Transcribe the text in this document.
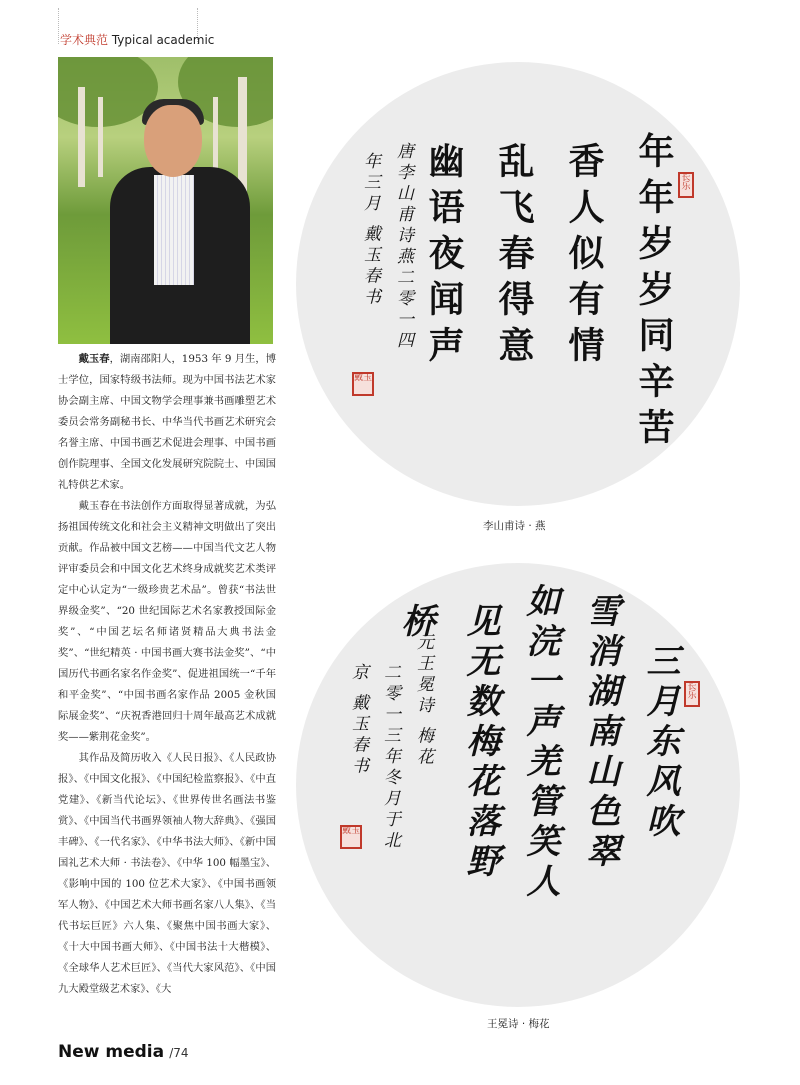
学术典范 Typical academic

戴玉春，湖南邵阳人，1953 年 9 月生，博士学位，国家特级书法师。现为中国书法艺术家协会副主席、中国文物学会理事兼书画雕塑艺术委员会常务副秘书长、中华当代书画艺术研究会名誉主席、中国书画艺术促进会理事、中国书画创作院理事、全国文化发展研究院院士、中国国礼特供艺术家。

戴玉春在书法创作方面取得显著成就，为弘扬祖国传统文化和社会主义精神文明做出了突出贡献。作品被中国文艺榜——中国当代文艺人物评审委员会和中国文化艺术终身成就奖艺术类评定中心认定为“一级珍贵艺术品”。曾获“书法世界级金奖”、“20 世纪国际艺术名家教授国际金奖”、“中国艺坛名师诸贤精品大典书法金奖”、“世纪精英 · 中国书画大赛书法金奖”、“中国历代书画名家名作金奖”、促进祖国统一“千年和平金奖”、“中国书画名家作品 2005 金秋国际展金奖”、“庆祝香港回归十周年最高艺术成就奖——紫荆花金奖”。

其作品及简历收入《人民日报》、《人民政协报》、《中国文化报》、《中国纪检监察报》、《中直党建》、《新当代论坛》、《世界传世名画法书鉴赏》、《中国当代书画界领袖人物大辞典》、《强国丰碑》、《一代名家》、《中华书法大师》、《新中国国礼艺术大师 · 书法卷》、《中华 100 幅墨宝》、《影响中国的 100 位艺术大家》、《中国书画领军人物》、《中国艺术大师书画名家八人集》、《当代书坛巨匠》六人集、《聚焦中国书画大家》、《十大中国书画大师》、《中国书法十大楷模》、《全球华人艺术巨匠》、《当代大家风范》、《中国九大殿堂级艺术家》、《大

年年岁岁同辛苦
香人似有情
乱飞春得意
幽语夜闻声
唐李山甫诗燕二零一四
年三月 戴玉春书	长乐
戴玉
李山甫诗 · 燕
三月东风吹
雪消湖南山色翠
如浣一声羌管笑人
见无数梅花落野
桥
元王冕诗 梅花
二零一三年冬月于北
京 戴玉春书	长乐
戴玉
王冕诗 · 梅花
New media /74
